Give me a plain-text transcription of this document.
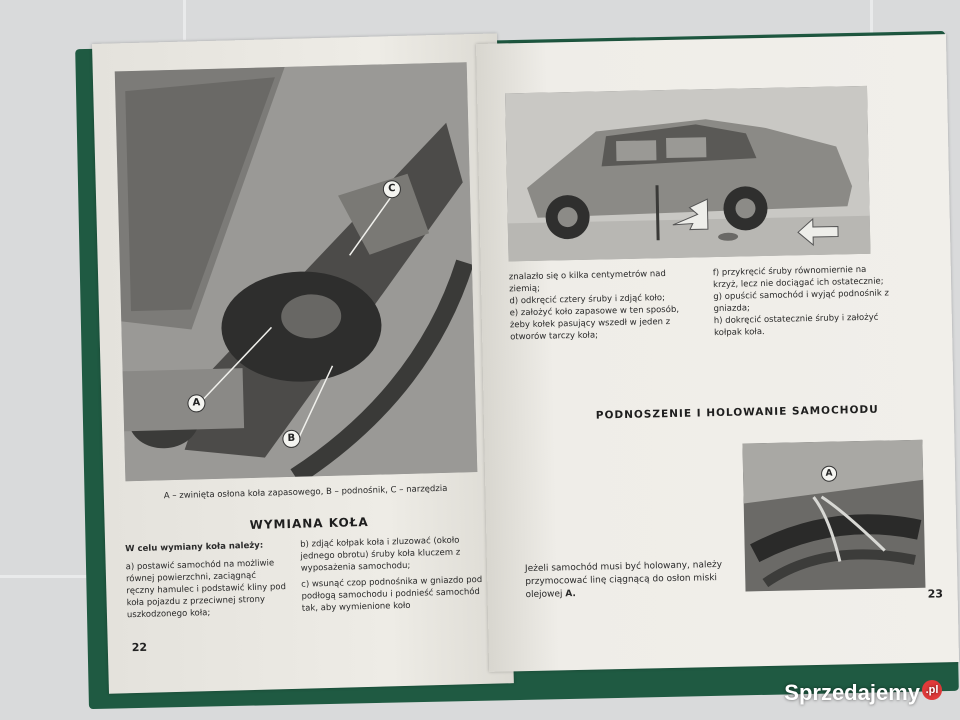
A
B
C
A – zwinięta osłona koła zapasowego, B – podnośnik, C – narzędzia
WYMIANA KOŁA
W celu wymiany koła należy:
a) postawić samochód na możliwie równej powierzchni, zaciągnąć ręczny hamulec i podstawić kliny pod koła pojazdu z przeciwnej strony uszkodzonego koła;
b) zdjąć kołpak koła i zluzować (około jednego obrotu) śruby koła kluczem z wyposażenia samochodu;
c) wsunąć czop podnośnika w gniazdo pod podłogą samochodu i podnieść samochód tak, aby wymienione koło
22
znalazło się o kilka centymetrów nad ziemią;
d) odkręcić cztery śruby i zdjąć koło;
e) założyć koło zapasowe w ten sposób, żeby kołek pasujący wszedł w jeden z otworów tarczy koła;
f) przykręcić śruby równomiernie na krzyż, lecz nie dociągać ich ostatecznie;
g) opuścić samochód i wyjąć podnośnik z gniazda;
h) dokręcić ostatecznie śruby i założyć kołpak koła.
PODNOSZENIE I HOLOWANIE SAMOCHODU
A
Jeżeli samochód musi być holowany, należy przymocować linę ciągnącą do osłon miski olejowej A.	23
Sprzedajemy .pl
